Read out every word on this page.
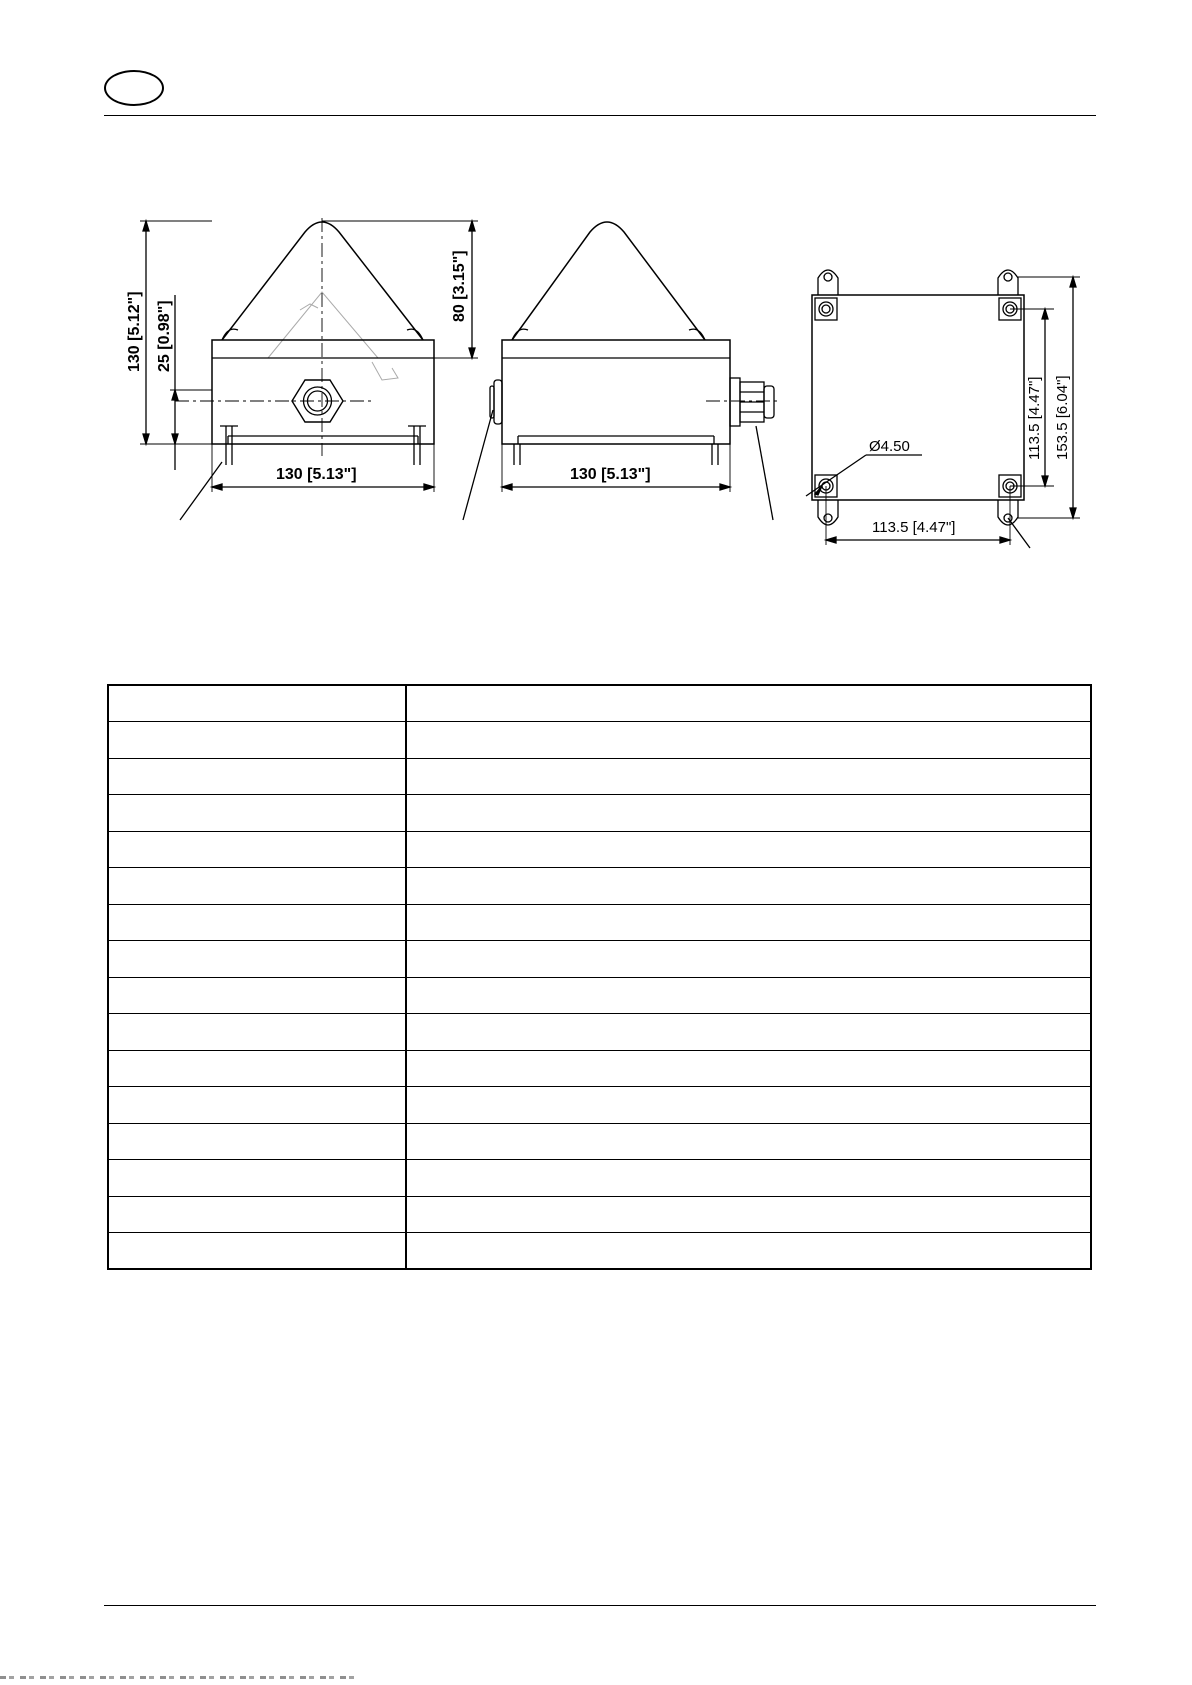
130 [5.12"] 25 [0.98"]
80 [3.15"]
130 [5.13"]	130 [5.13"]
Ø4.50	113.5 [4.47"] 153.5 [6.04"]
113.5 [4.47"]
